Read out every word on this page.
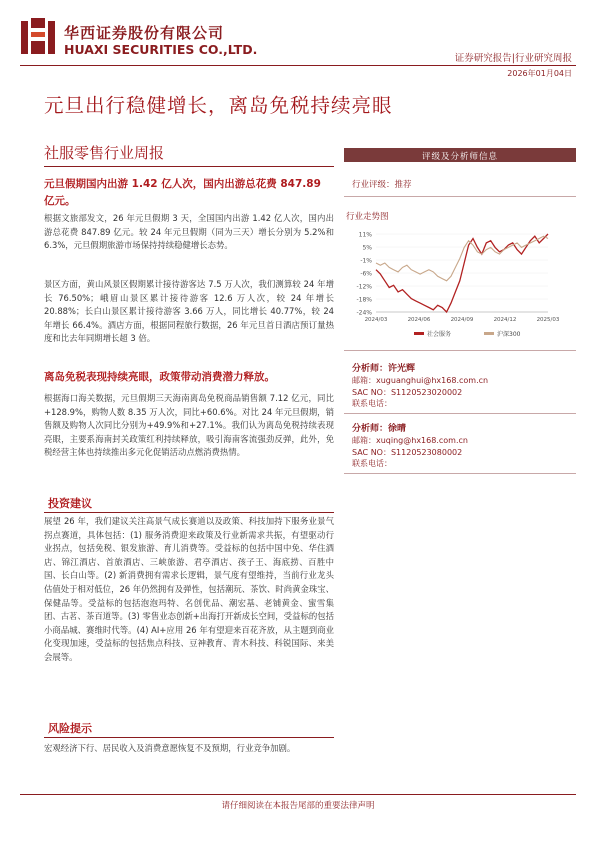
华西证券股份有限公司
HUAXI SECURITIES CO.,LTD.
证券研究报告|行业研究周报
2026年01月04日
元旦出行稳健增长，离岛免税持续亮眼
社服零售行业周报
元旦假期国内出游 1.42 亿人次，国内出游总花费 847.89 亿元。
根据文旅部发文，26 年元旦假期 3 天，全国国内出游 1.42 亿人次，国内出游总花费 847.89 亿元。较 24 年元旦假期（同为三天）增长分别为 5.2%和 6.3%，元旦假期旅游市场保持持续稳健增长态势。
景区方面，黄山风景区假期累计接待游客达 7.5 万人次，我们测算较 24 年增长 76.50%；峨眉山景区累计接待游客 12.6 万人次，较 24 年增长 20.88%；长白山景区累计接待游客 3.66 万人，同比增长 40.77%，较 24 年增长 66.4%。酒店方面，根据同程旅行数据，26 年元旦首日酒店预订量热度和比去年同期增长超 3 倍。
离岛免税表现持续亮眼，政策带动消费潜力释放。
根据海口海关数据，元旦假期三天海南离岛免税商品销售额 7.12 亿元，同比+128.9%，购物人数 8.35 万人次，同比+60.6%。对比 24 年元旦假期，销售额及购物人次同比分别为+49.9%和+27.1%。我们认为离岛免税持续表现亮眼，主要系海南封关政策红利持续释放，吸引海南客流强劲反弹，此外，免税经营主体也持续推出多元化促销活动点燃消费热情。
投资建议
展望 26 年，我们建议关注高景气成长赛道以及政策、科技加持下服务业景气拐点赛道，具体包括：(1) 服务消费迎来政策及行业新需求共振，有望驱动行业拐点，包括免税、银发旅游、育儿消费等。受益标的包括中国中免、华住酒店、锦江酒店、首旅酒店、三峡旅游、君亭酒店、孩子王、海底捞、百胜中国、长白山等。(2) 新消费拥有需求长逻辑，景气度有望维持，当前行业龙头估值处于相对低位，26 年仍然拥有及弹性，包括潮玩、茶饮、时尚黄金珠宝、保健品等。受益标的包括泡泡玛特、名创优品、潮宏基、老铺黄金、蜜雪集团、古茗、茶百道等。(3) 零售业态创新+出海打开新成长空间，受益标的包括小商品城、赛维时代等。(4) AI+应用 26 年有望迎来百花齐放，从主题到商业化变现加速，受益标的包括焦点科技、豆神教育、青木科技、科锐国际、来美会展等。
风险提示
宏观经济下行、居民收入及消费意愿恢复不及预期，行业竞争加剧。
评级及分析师信息
行业评级：推荐
行业走势图
11%
5%
-1%
-6%
-12%
-18%
-24%
2024/03	2024/06	2024/09	2024/12	2025/03
社会服务	沪深300
分析师：许光辉
邮箱：xuguanghui@hx168.com.cn
SAC NO：S1120523020002
联系电话：
分析师：徐晴
邮箱：xuqing@hx168.com.cn
SAC NO：S1120523080002
联系电话：
请仔细阅读在本报告尾部的重要法律声明
